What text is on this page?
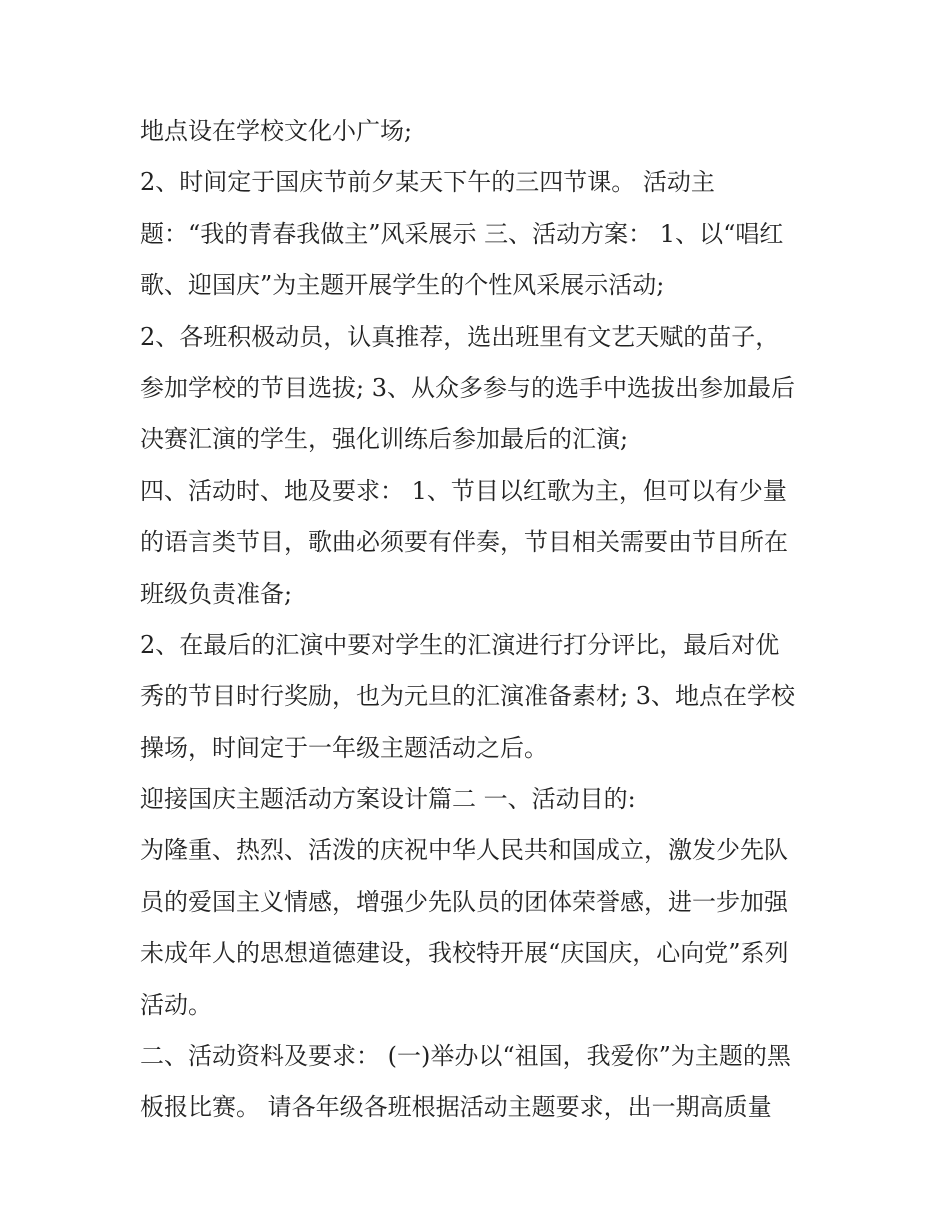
地点设在学校文化小广场;
2、时间定于国庆节前夕某天下午的三四节课。 活动主
题：“我的青春我做主”风采展示 三、活动方案： 1、以“唱红
歌、迎国庆”为主题开展学生的个性风采展示活动;
2、各班积极动员，认真推荐，选出班里有文艺天赋的苗子，
参加学校的节目选拔; 3、从众多参与的选手中选拔出参加最后
决赛汇演的学生，强化训练后参加最后的汇演;
四、活动时、地及要求： 1、节目以红歌为主，但可以有少量
的语言类节目，歌曲必须要有伴奏，节目相关需要由节目所在
班级负责准备;
2、在最后的汇演中要对学生的汇演进行打分评比，最后对优
秀的节目时行奖励，也为元旦的汇演准备素材; 3、地点在学校
操场，时间定于一年级主题活动之后。
迎接国庆主题活动方案设计篇二 一、活动目的:
为隆重、热烈、活泼的庆祝中华人民共和国成立，激发少先队
员的爱国主义情感，增强少先队员的团体荣誉感，进一步加强
未成年人的思想道德建设，我校特开展“庆国庆，心向党”系列
活动。
二、活动资料及要求： (一)举办以“祖国，我爱你”为主题的黑
板报比赛。 请各年级各班根据活动主题要求，出一期高质量
